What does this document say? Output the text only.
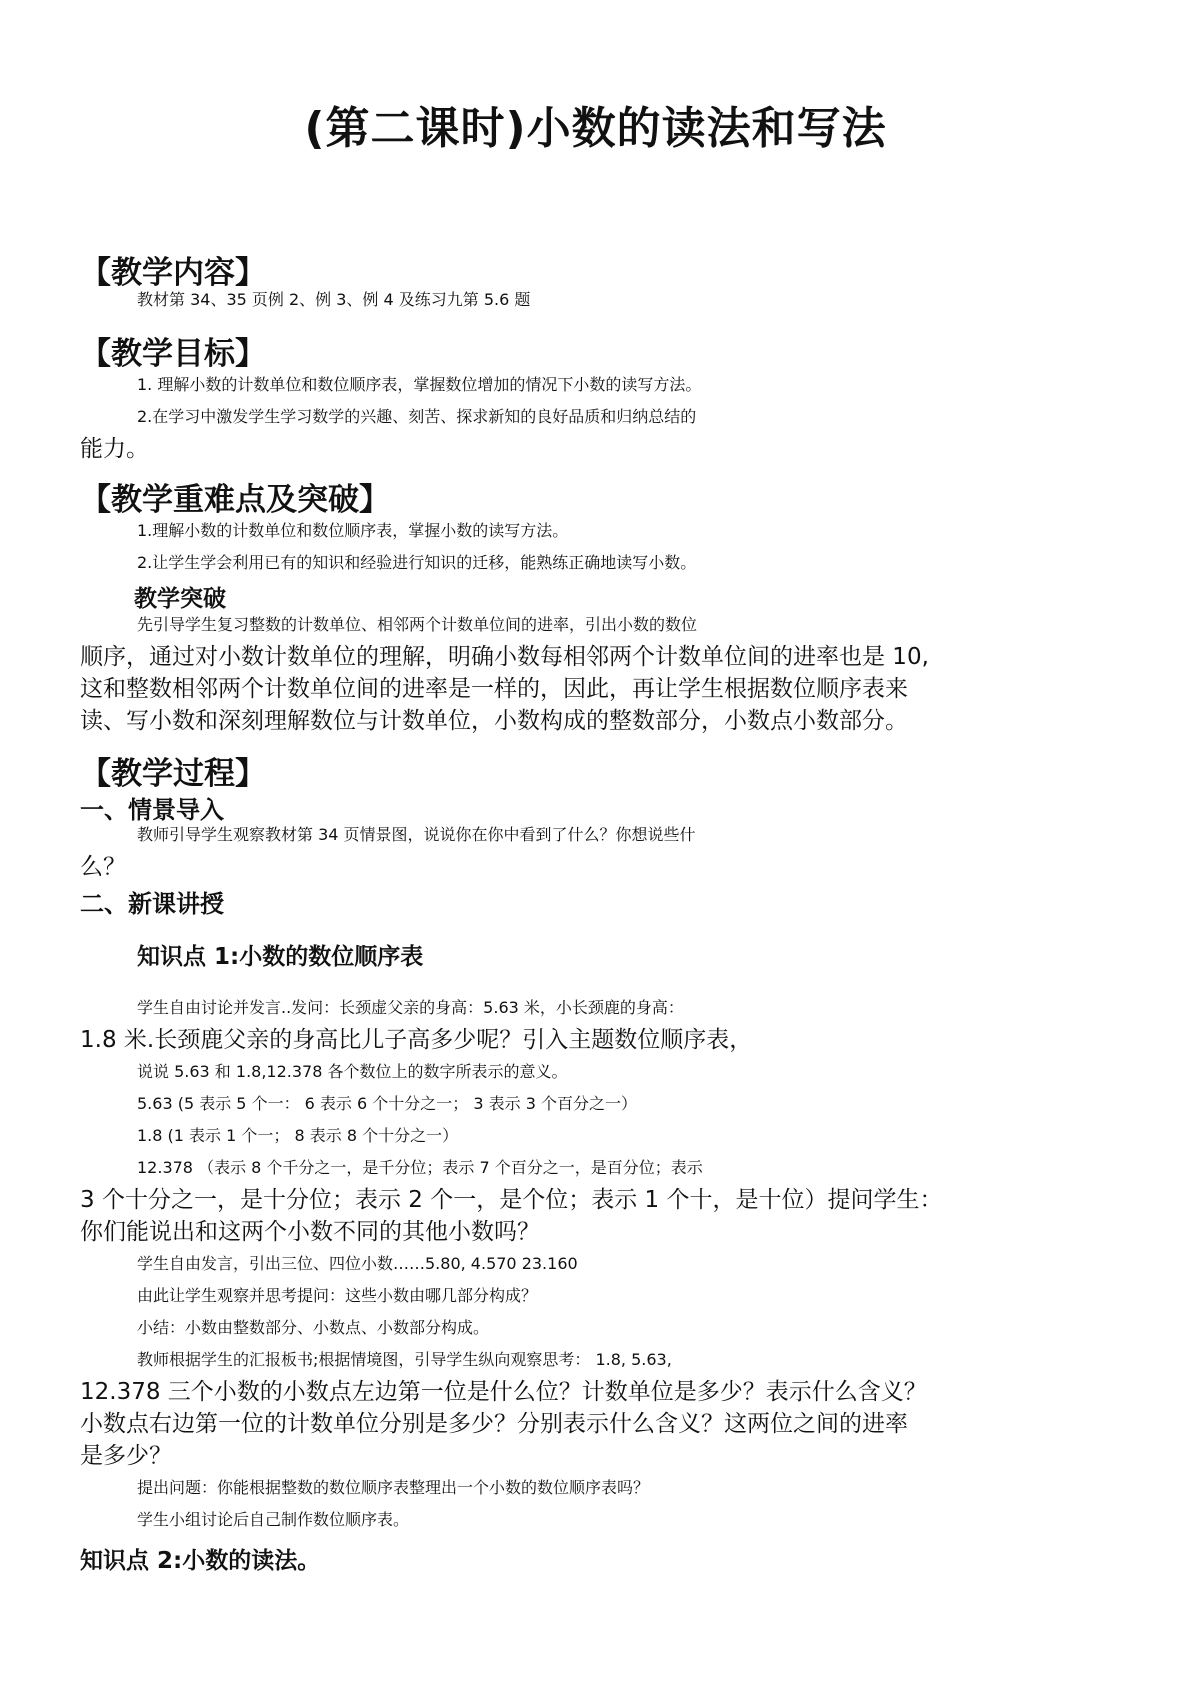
(第二课时)小数的读法和写法
【教学内容】
教材第 34、35 页例 2、例 3、例 4 及练习九第 5.6 题
【教学目标】
1. 理解小数的计数单位和数位顺序表，掌握数位增加的情况下小数的读写方法。
2.在学习中激发学生学习数学的兴趣、刻苦、探求新知的良好品质和归纳总结的
能力。
【教学重难点及突破】
1.理解小数的计数单位和数位顺序表，掌握小数的读写方法。
2.让学生学会利用已有的知识和经验进行知识的迁移，能熟练正确地读写小数。
教学突破
先引导学生复习整数的计数单位、相邻两个计数单位间的进率，引出小数的数位
顺序，通过对小数计数单位的理解，明确小数每相邻两个计数单位间的进率也是 10,
这和整数相邻两个计数单位间的进率是一样的，因此，再让学生根据数位顺序表来
读、写小数和深刻理解数位与计数单位，小数构成的整数部分，小数点小数部分。
【教学过程】
一、情景导入
教师引导学生观察教材第 34 页情景图，说说你在你中看到了什么？你想说些什
么？
二、新课讲授
知识点 1:小数的数位顺序表
学生自由讨论并发言..发问：长颈虚父亲的身高：5.63 米，小长颈鹿的身高：
1.8 米.长颈鹿父亲的身高比儿子高多少呢？引入主题数位顺序表，
说说 5.63 和 1.8,12.378 各个数位上的数字所表示的意义。
5.63 (5 表示 5 个一： 6 表示 6 个十分之一； 3 表示 3 个百分之一）
1.8 (1 表示 1 个一； 8 表示 8 个十分之一）
12.378 （表示 8 个千分之一，是千分位；表示 7 个百分之一，是百分位；表示
3 个十分之一，是十分位；表示 2 个一，是个位；表示 1 个十，是十位）提问学生：
你们能说出和这两个小数不同的其他小数吗？
学生自由发言，引出三位、四位小数……5.80, 4.570 23.160
由此让学生观察并思考提问：这些小数由哪几部分构成？
小结：小数由整数部分、小数点、小数部分构成。
教师根据学生的汇报板书;根据情境图，引导学生纵向观察思考： 1.8, 5.63,
12.378 三个小数的小数点左边第一位是什么位？计数单位是多少？表示什么含义？
小数点右边第一位的计数单位分别是多少？分别表示什么含义？这两位之间的进率
是多少？
提出问题：你能根据整数的数位顺序表整理出一个小数的数位顺序表吗？
学生小组讨论后自己制作数位顺序表。
知识点 2:小数的读法。
